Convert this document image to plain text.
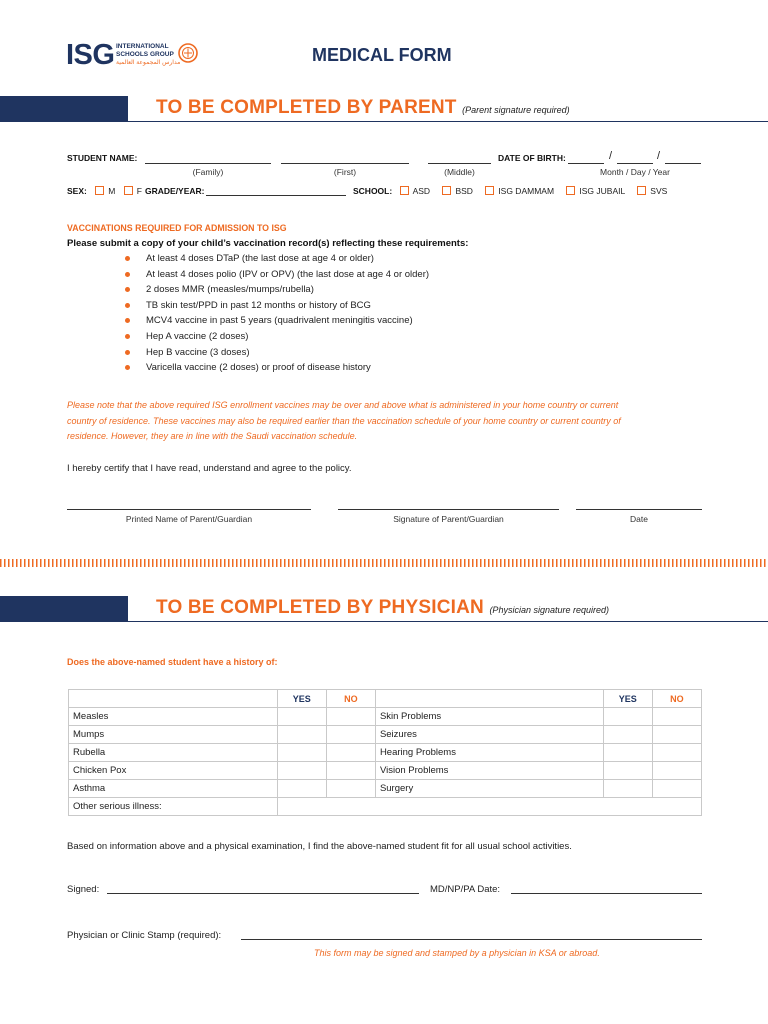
ISG INTERNATIONAL
SCHOOLS GROUP
مدارس المجموعة العالمية	MEDICAL FORM
TO BE COMPLETED BY PARENT (Parent signature required)
STUDENT NAME:
(Family)	(First)	(Middle)
DATE OF BIRTH:	/	/
Month / Day / Year
SEX:	M	F GRADE/YEAR:	SCHOOL: ASD	BSD	ISG DAMMAM	ISG JUBAIL	SVS
VACCINATIONS REQUIRED FOR ADMISSION TO ISG
Please submit a copy of your child’s vaccination record(s) reflecting these requirements:
At least 4 doses DTaP (the last dose at age 4 or older)
At least 4 doses polio (IPV or OPV) (the last dose at age 4 or older)
2 doses MMR (measles/mumps/rubella)
TB skin test/PPD in past 12 months or history of BCG
MCV4 vaccine in past 5 years (quadrivalent meningitis vaccine)
Hep A vaccine (2 doses)
Hep B vaccine (3 doses)
Varicella vaccine (2 doses) or proof of disease history
Please note that the above required ISG enrollment vaccines may be over and above what is administered in your home country or current
country of residence. These vaccines may also be required earlier than the vaccination schedule of your home country or current country of
residence. However, they are in line with the Saudi vaccination schedule.
I hereby certify that I have read, understand and agree to the policy.
Printed Name of Parent/Guardian	Signature of Parent/Guardian	Date
TO BE COMPLETED BY PHYSICIAN (Physician signature required)
Does the above-named student have a history of:
	YES	NO		YES	NO
Measles			Skin Problems		
Mumps			Seizures		
Rubella			Hearing Problems		
Chicken Pox			Vision Problems		
Asthma			Surgery		
Other serious illness:					
Based on information above and a physical examination, I find the above-named student fit for all usual school activities.
Signed:	MD/NP/PA Date:
Physician or Clinic Stamp (required):
This form may be signed and stamped by a physician in KSA or abroad.
